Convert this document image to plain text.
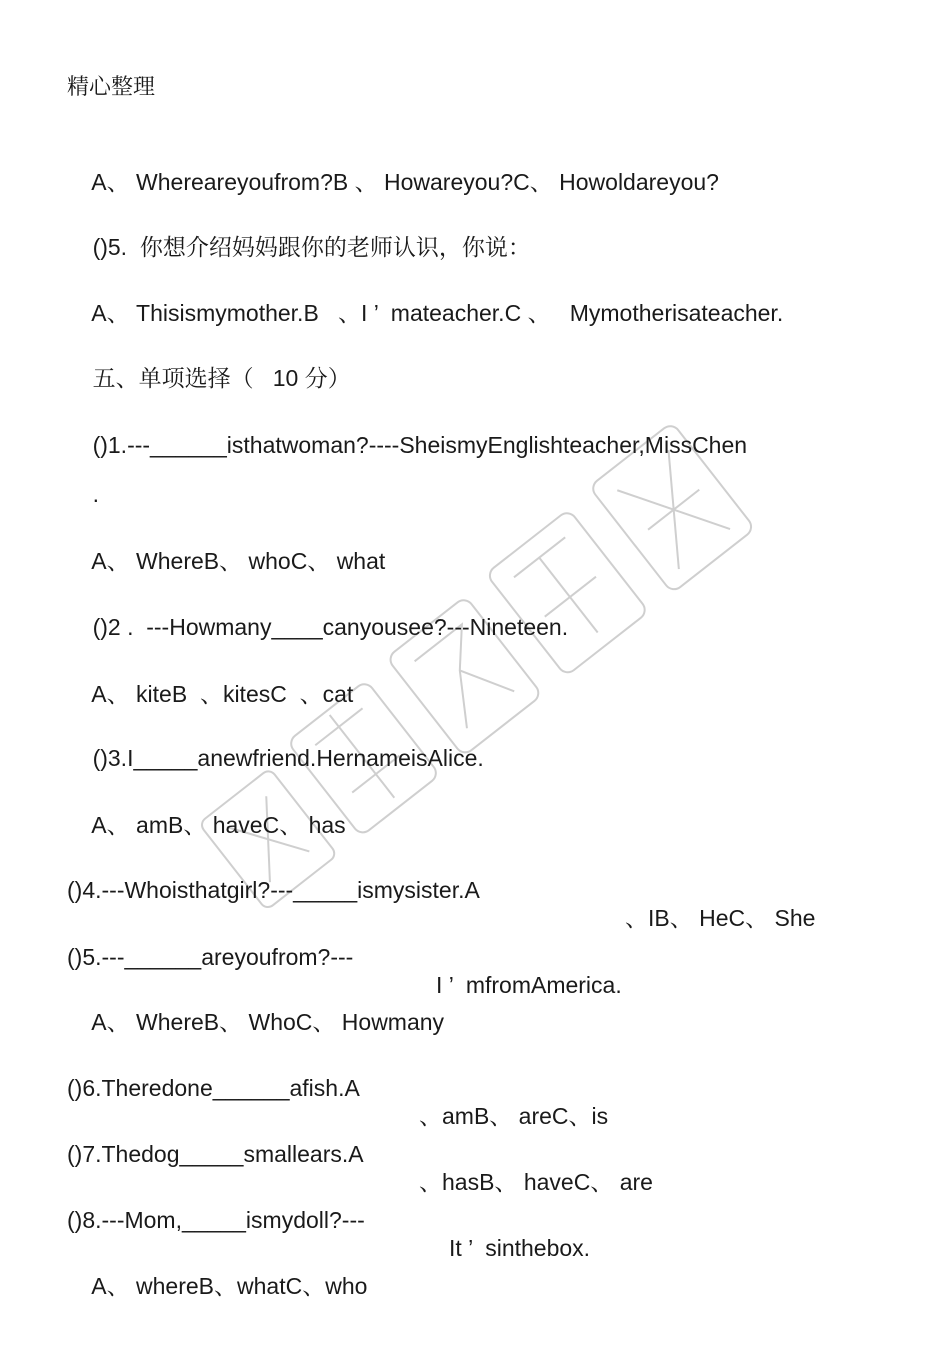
精心整理

A、 Whereareyoufrom?B 、 Howareyou?C、 Howoldareyou?

()5.  你想介绍妈妈跟你的老师认识，你说：

A、 Thisismymother.B   、I ’  mateacher.C 、   Mymotherisateacher.

五、单项选择（   10 分）

()1.---______isthatwoman?----SheismyEnglishteacher,MissChen

.

A、 WhereB、 whoC、 what

()2 .  ---Howmany____canyousee?---Nineteen.

A、 kiteB  、kitesC  、cat

()3.I_____anewfriend.HernameisAlice.

A、 amB、 haveC、 has

()4.---Whoisthatgirl?---_____ismysister.A

、IB、 HeC、 She

()5.---______areyoufrom?---

I ’  mfromAmerica.

A、 WhereB、 WhoC、 Howmany

()6.Theredone______afish.A

、amB、 areC、is

()7.Thedog_____smallears.A

、hasB、 haveC、 are

()8.---Mom,_____ismydoll?---

It ’  sinthebox.

A、 whereB、whatC、who
